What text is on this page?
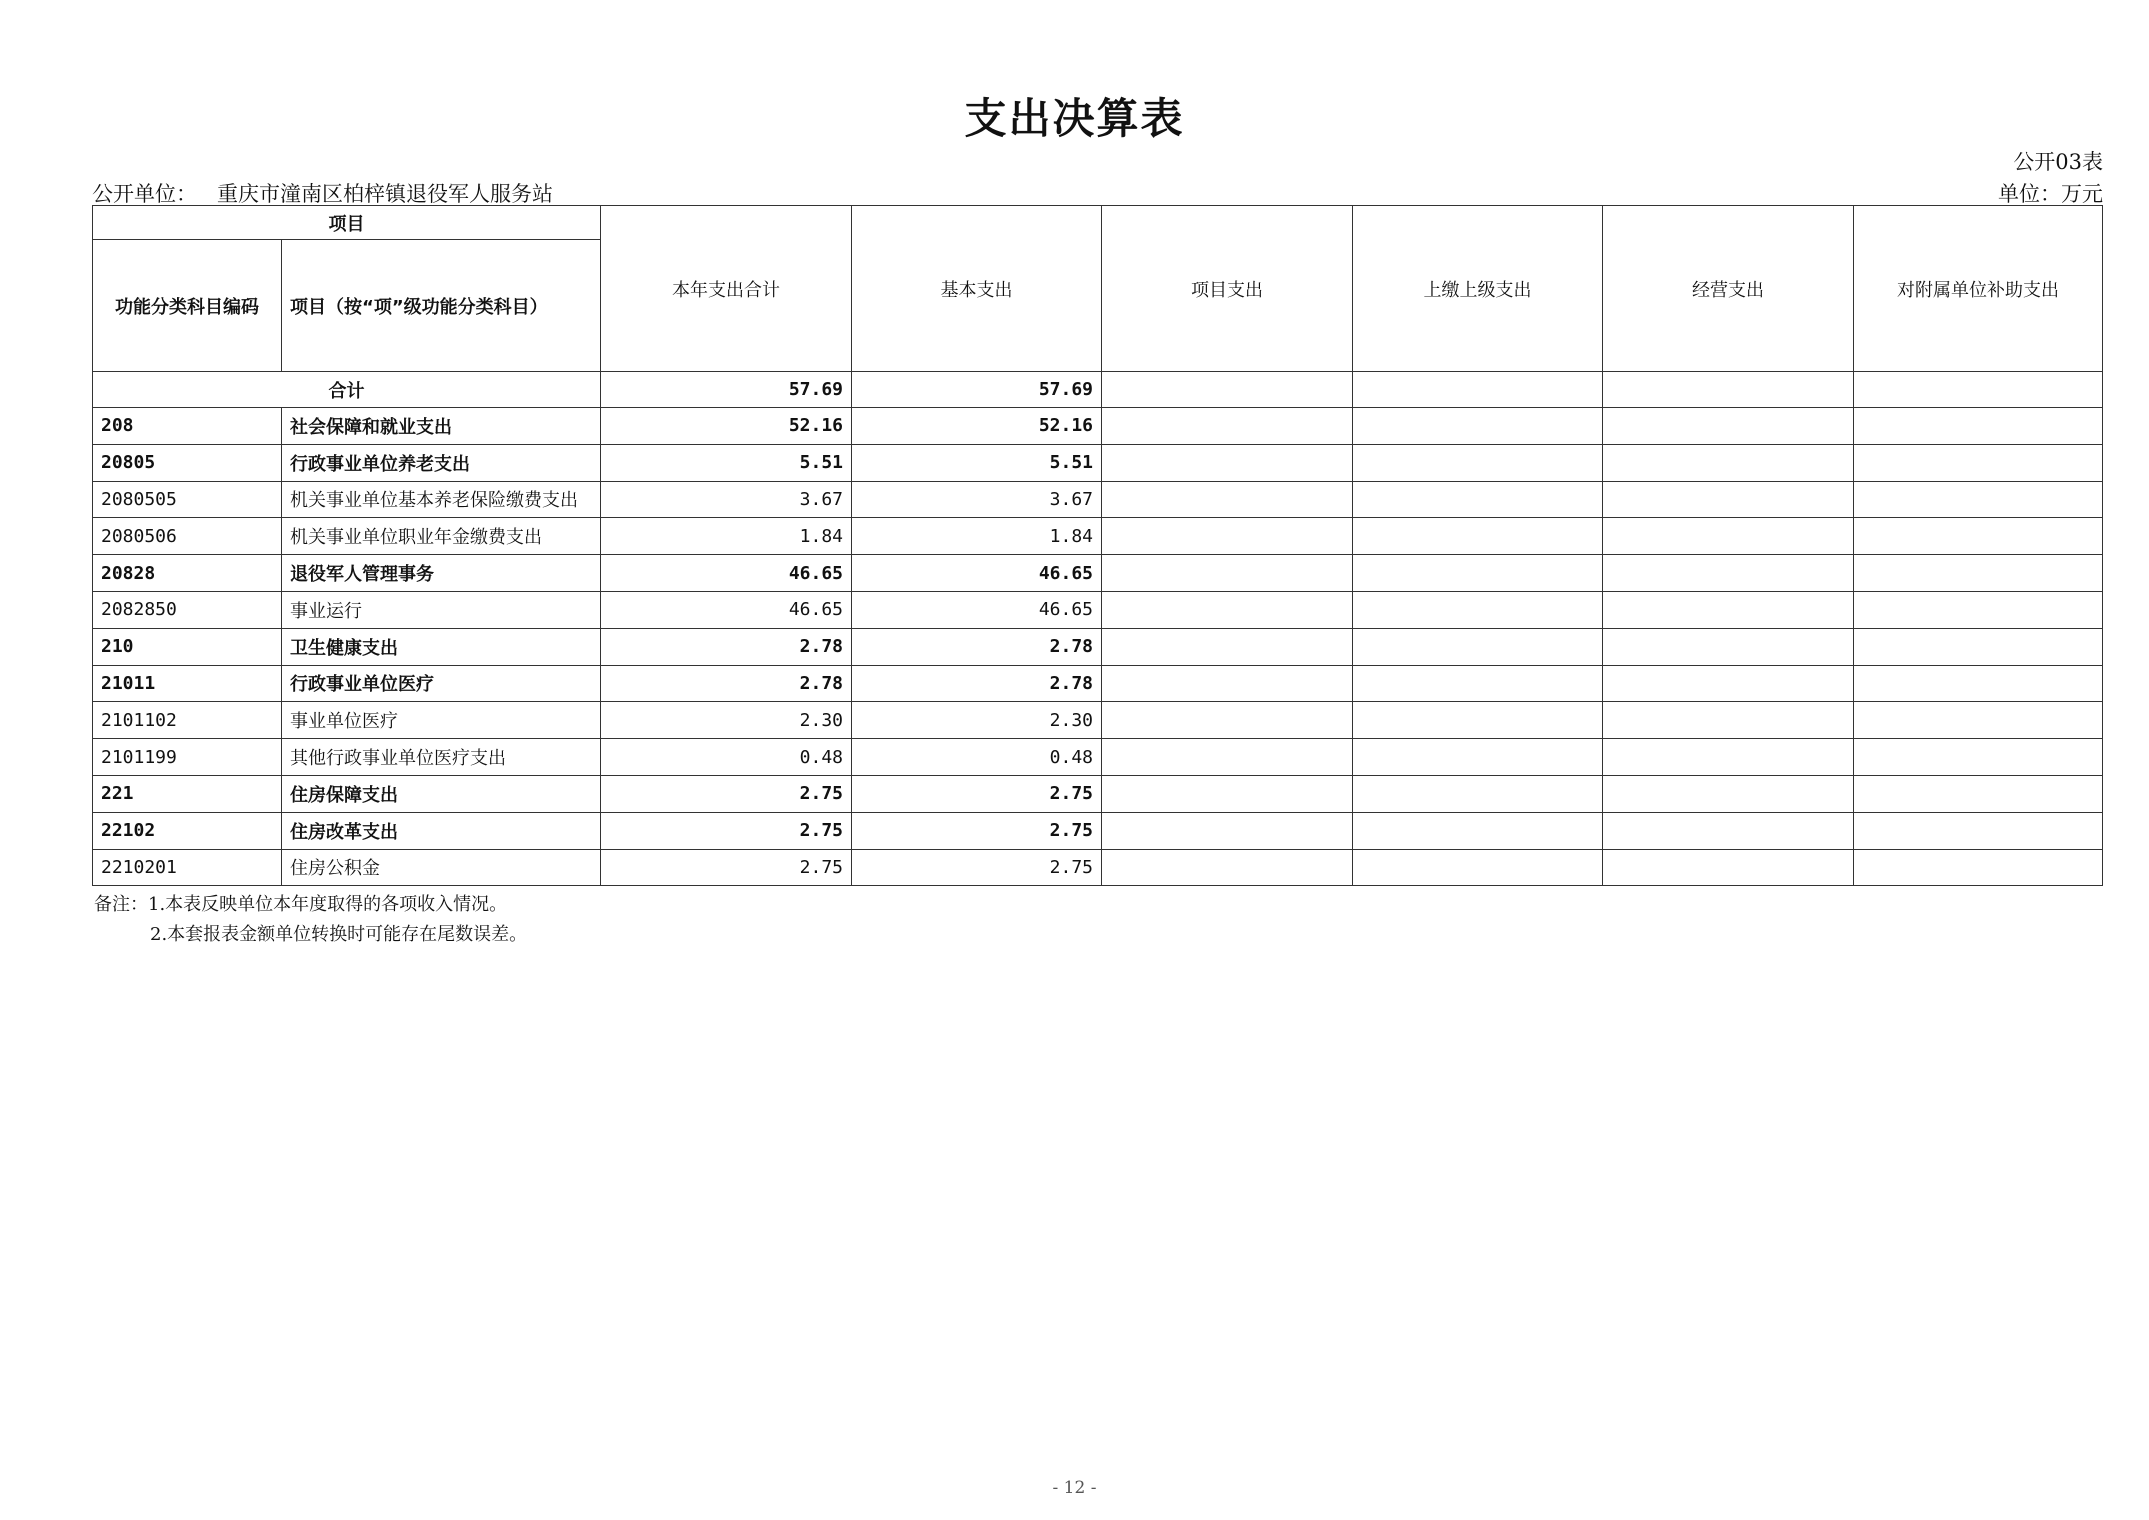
支出决算表
公开03表
公开单位： 重庆市潼南区柏梓镇退役军人服务站	单位：万元
项目		本年支出合计	基本支出	项目支出	上缴上级支出	经营支出	对附属单位补助支出
功能分类科目编码	项目（按“项”级功能分类科目）						
合计		57.69	57.69				
208	社会保障和就业支出	52.16	52.16				
20805	行政事业单位养老支出	5.51	5.51				
2080505	机关事业单位基本养老保险缴费支出	3.67	3.67				
2080506	机关事业单位职业年金缴费支出	1.84	1.84				
20828	退役军人管理事务	46.65	46.65				
2082850	事业运行	46.65	46.65				
210	卫生健康支出	2.78	2.78				
21011	行政事业单位医疗	2.78	2.78				
2101102	事业单位医疗	2.30	2.30				
2101199	其他行政事业单位医疗支出	0.48	0.48				
221	住房保障支出	2.75	2.75				
22102	住房改革支出	2.75	2.75				
2210201	住房公积金	2.75	2.75				
备注：1.本表反映单位本年度取得的各项收入情况。
2.本套报表金额单位转换时可能存在尾数误差。
- 12 -
